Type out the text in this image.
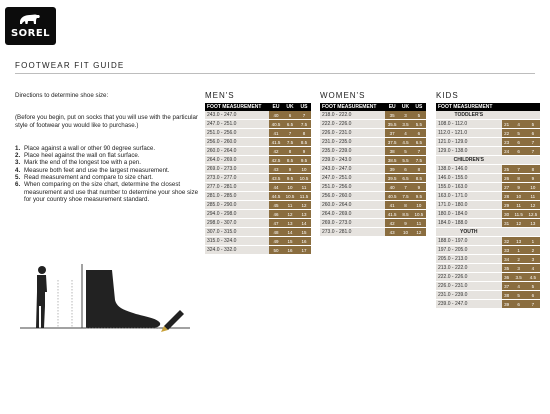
SOREL
FOOTWEAR FIT GUIDE

Directions to determine shoe size:

(Before you begin, put on socks that you will use with the particular style of footwear you would like to purchase.)

1. Place against a wall or other 90 degree surface.
2. Place heel against the wall on flat surface.
3. Mark the end of the longest toe with a pen.
4. Measure both feet and use the largest measurement.
5. Read measurement and compare to size chart.
6. When comparing on the size chart, determine the closest measurement and use that number to determine your shoe size for your country shoe measurement standard.
MEN'S	WOMEN'S	KIDS
FOOT MEASUREMENT	EU	UK	US
243.0 - 247.0	40	6	7
247.0 - 251.0	40.5	6.5	7.5
251.0 - 256.0	41	7	8
256.0 - 260.0	41.5	7.5	8.5
260.0 - 264.0	42	8	9
264.0 - 269.0	42.5	8.5	9.5
269.0 - 273.0	43	9	10
273.0 - 277.0	43.5	9.5	10.5
277.0 - 281.0	44	10	11
281.0 - 285.0	44.5	10.5	11.5
285.0 - 290.0	45	11	12
294.0 - 298.0	46	12	13
298.0 - 307.0	47	13	14
307.0 - 315.0	48	14	15
315.0 - 324.0	49	15	16
324.0 - 332.0	50	16	17
FOOT MEASUREMENT	EU	UK	US
218.0 - 222.0	35	3	5
222.0 - 226.0	35.5	3.5	5.5
226.0 - 231.0	37	4	6
231.0 - 235.0	37.5	4.5	6.5
235.0 - 239.0	38	5	7
239.0 - 243.0	38.5	5.5	7.5
243.0 - 247.0	39	6	8
247.0 - 251.0	39.5	6.5	8.5
251.0 - 256.0	40	7	9
256.0 - 260.0	40.5	7.5	9.5
260.0 - 264.0	41	8	10
264.0 - 269.0	41.5	8.5	10.5
269.0 - 273.0	42	9	11
273.0 - 281.0	43	10	12
FOOT MEASUREMENT			
TODDLER'S			
108.0 - 112.0	21	4	5
112.0 - 121.0	22	5	6
121.0 - 129.0	23	6	7
129.0 - 138.0	24	6	7
CHILDREN'S			
138.0 - 146.0	25	7	8
146.0 - 155.0	26	8	9
155.0 - 163.0	27	9	10
163.0 - 171.0	28	10	11
171.0 - 180.0	29	11	12
180.0 - 184.0	30	11.5	12.5
184.0 - 188.0	31	12	13
YOUTH			
188.0 - 197.0	32	13	1
197.0 - 205.0	33	1	2
205.0 - 213.0	34	2	3
213.0 - 222.0	35	3	4
222.0 - 226.0	36	3.5	4.5
226.0 - 231.0	37	4	5
231.0 - 239.0	38	5	6
239.0 - 247.0	39	6	7
